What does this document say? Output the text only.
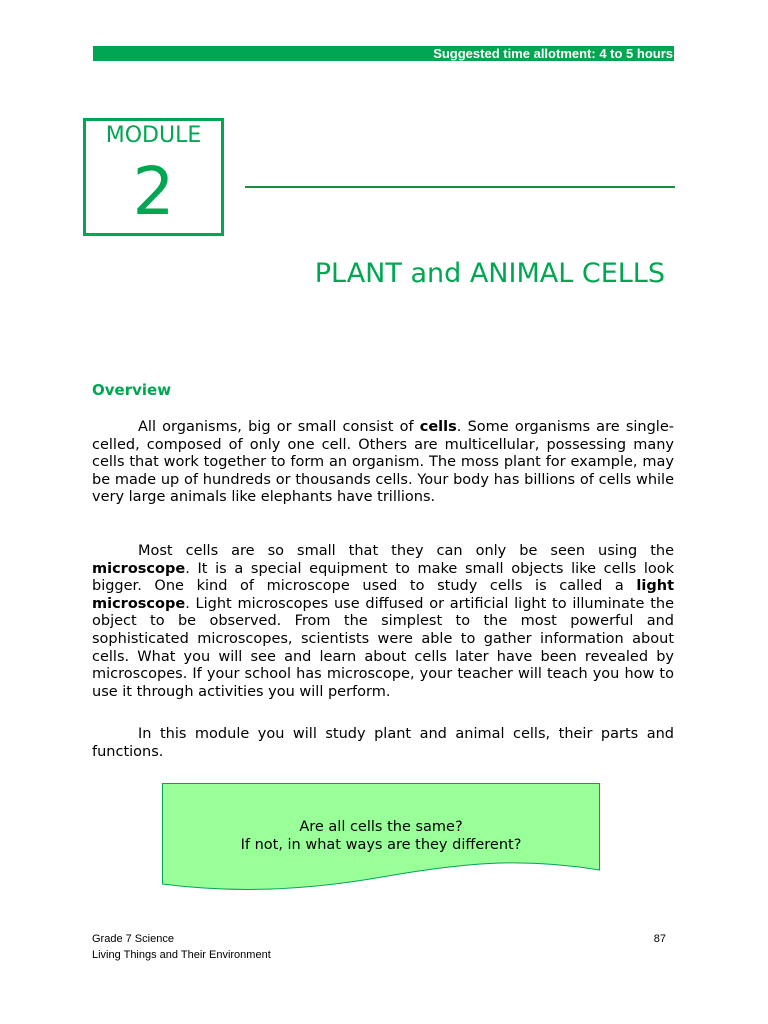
Suggested time allotment: 4 to 5 hours
MODULE
2
PLANT and ANIMAL CELLS
Overview

All organisms, big or small consist of cells. Some organisms are single-celled, composed of only one cell. Others are multicellular, possessing many cells that work together to form an organism. The moss plant for example, may be made up of hundreds or thousands cells. Your body has billions of cells while very large animals like elephants have trillions.

Most cells are so small that they can only be seen using the microscope. It is a special equipment to make small objects like cells look bigger. One kind of microscope used to study cells is called a light microscope. Light microscopes use diffused or artificial light to illuminate the object to be observed. From the simplest to the most powerful and sophisticated microscopes, scientists were able to gather information about cells. What you will see and learn about cells later have been revealed by microscopes. If your school has microscope, your teacher will teach you how to use it through activities you will perform.

In this module you will study plant and animal cells, their parts and functions.

Are all cells the same?
If not, in what ways are they different?
Grade 7 Science
Living Things and Their Environment
87
